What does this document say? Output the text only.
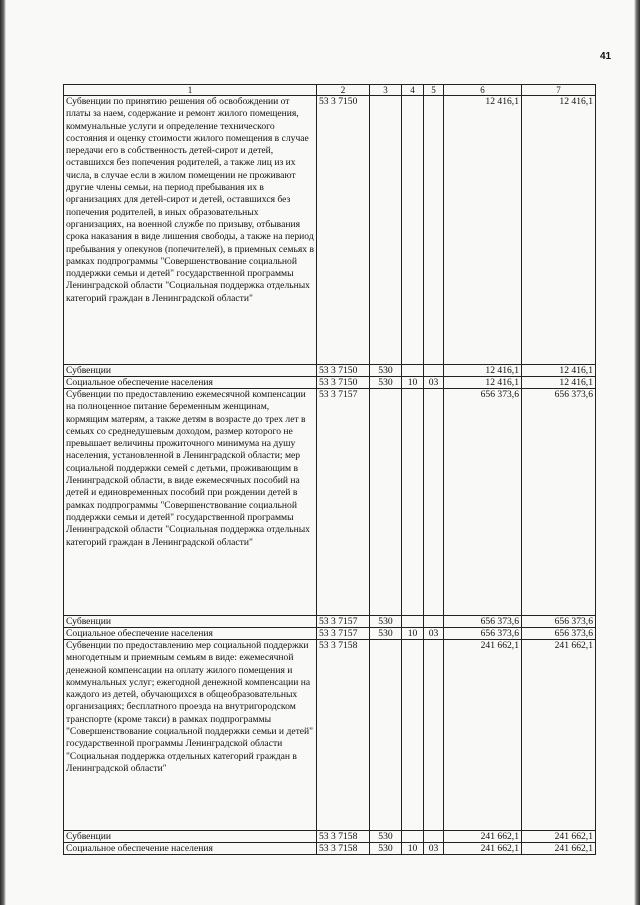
41
1	2	3	4	5	6	7
Субвенции по принятию решения об освобождении от платы за наем, содержание и ремонт жилого помещения, коммунальные услуги и определение технического состояния и оценку стоимости жилого помещения в случае передачи его в собственность детей-сирот и детей, оставшихся без попечения родителей, а также лиц из их числа, в случае если в жилом помещении не проживают другие члены семьи, на период пребывания их в организациях для детей-сирот и детей, оставшихся без попечения родителей, в иных образовательных организациях, на военной службе по призыву, отбывания срока наказания в виде лишения свободы, а также на период пребывания у опекунов (попечителей), в приемных семьях в рамках подпрограммы "Совершенствование социальной поддержки семьи и детей" государственной программы Ленинградской области "Социальная поддержка отдельных категорий граждан в Ленинградской области"	53 3 7150				12 416,1	12 416,1
Субвенции	53 3 7150	530			12 416,1	12 416,1
Социальное обеспечение населения	53 3 7150	530	10	03	12 416,1	12 416,1
Субвенции по предоставлению ежемесячной компенсации на полноценное питание беременным женщинам, кормящим матерям, а также детям в возрасте до трех лет в семьях со среднедушевым доходом, размер которого не превышает величины прожиточного минимума на душу населения, установленной в Ленинградской области; мер социальной поддержки семей с детьми, проживающим в Ленинградской области, в виде ежемесячных пособий на детей и единовременных пособий при рождении детей в рамках подпрограммы "Совершенствование социальной поддержки семьи и детей" государственной программы Ленинградской области "Социальная поддержка отдельных категорий граждан в Ленинградской области"	53 3 7157				656 373,6	656 373,6
Субвенции	53 3 7157	530			656 373,6	656 373,6
Социальное обеспечение населения	53 3 7157	530	10	03	656 373,6	656 373,6
Субвенции по предоставлению мер социальной поддержки многодетным и приемным семьям в виде: ежемесячной денежной компенсации на оплату жилого помещения и коммунальных услуг; ежегодной денежной компенсации на каждого из детей, обучающихся в общеобразовательных организациях; бесплатного проезда на внутригородском транспорте (кроме такси) в рамках подпрограммы "Совершенствование социальной поддержки семьи и детей" государственной программы Ленинградской области "Социальная поддержка отдельных категорий граждан в Ленинградской области"	53 3 7158				241 662,1	241 662,1
Субвенции	53 3 7158	530			241 662,1	241 662,1
Социальное обеспечение населения	53 3 7158	530	10	03	241 662,1	241 662,1
